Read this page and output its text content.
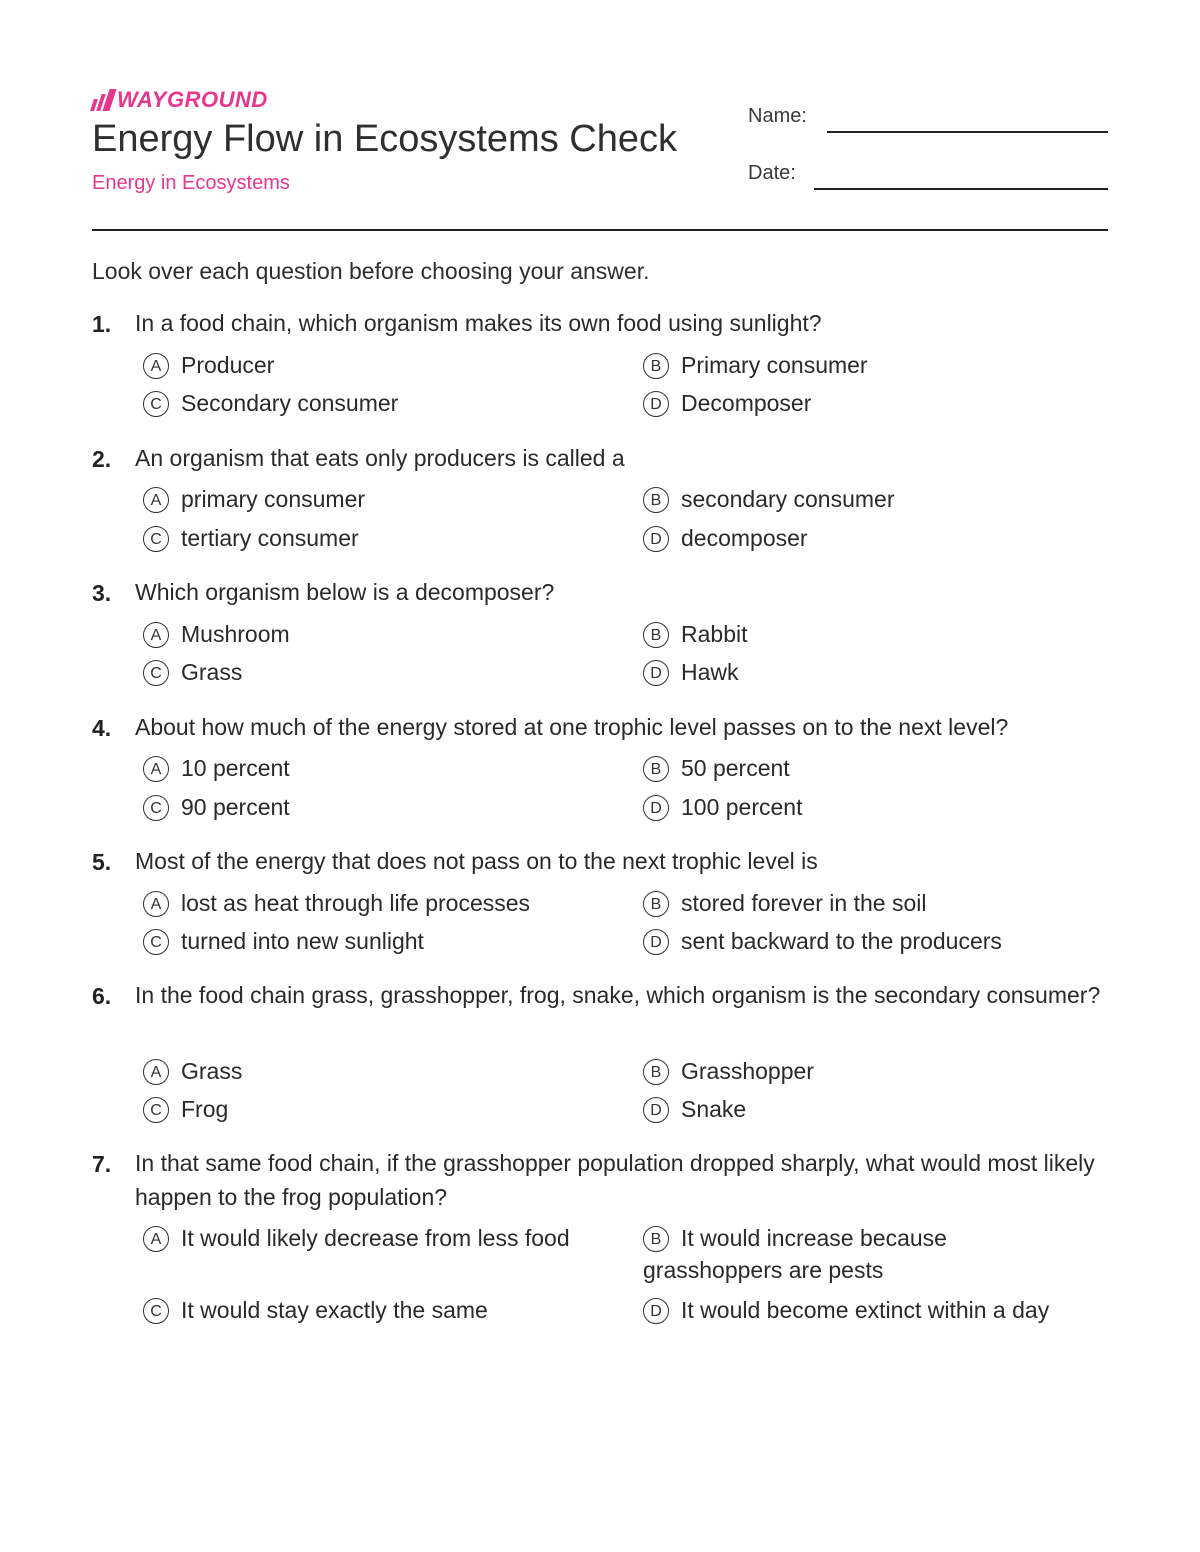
WAYGROUND
Energy Flow in Ecosystems Check
Energy in Ecosystems
Name:
Date:
Look over each question before choosing your answer.
1. In a food chain, which organism makes its own food using sunlight?
A Producer	B Primary consumer
C Secondary consumer	D Decomposer
2. An organism that eats only producers is called a
A primary consumer	B secondary consumer
C tertiary consumer	D decomposer
3. Which organism below is a decomposer?
A Mushroom	B Rabbit
C Grass	D Hawk
4. About how much of the energy stored at one trophic level passes on to the next level?
A 10 percent	B 50 percent
C 90 percent	D 100 percent
5. Most of the energy that does not pass on to the next trophic level is
A lost as heat through life processes	B stored forever in the soil
C turned into new sunlight	D sent backward to the producers
6. In the food chain grass, grasshopper, frog, snake, which organism is the secondary consumer?
A Grass	B Grasshopper
C Frog	D Snake
7. In that same food chain, if the grasshopper population dropped sharply, what would most likely happen to the frog population?
A It would likely decrease from less food	B It would increase because grasshoppers are pests
C It would stay exactly the same	D It would become extinct within a day
